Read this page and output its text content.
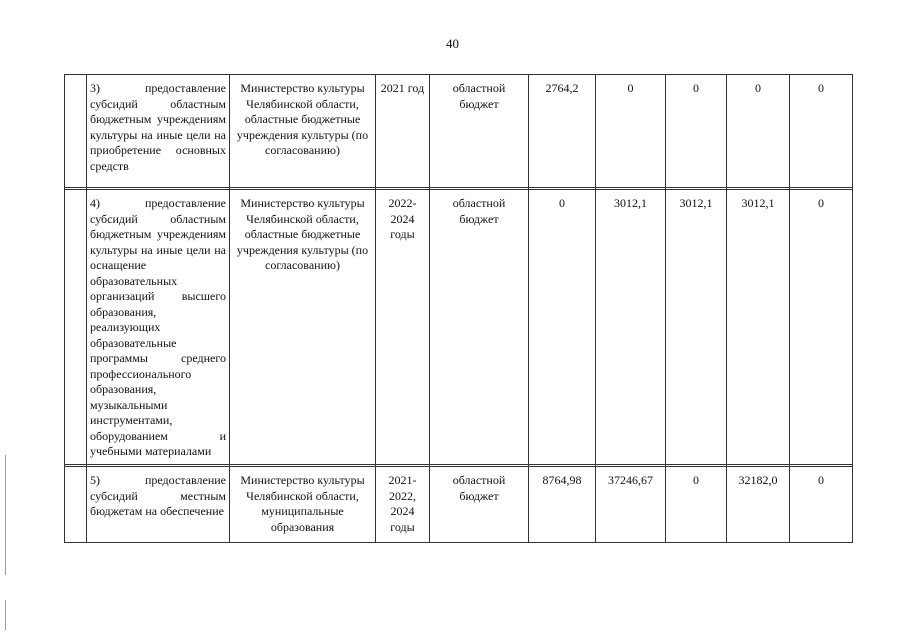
40
	3) предоставление субсидий областным бюджетным учреждениям культуры на иные цели на приобретение основных средств	Министерство культуры Челябинской области, областные бюджетные учреждения культуры (по согласованию)	2021 год	областной бюджет	2764,2	0	0	0	0

	4) предоставление субсидий областным бюджетным учреждениям культуры на иные цели на оснащение образовательных организаций высшего образования, реализующих образовательные программы среднего профессионального образования, музыкальными инструментами, оборудованием и учебными материалами	Министерство культуры Челябинской области, областные бюджетные учреждения культуры (по согласованию)	2022-2024 годы	областной бюджет	0	3012,1	3012,1	3012,1	0

	5) предоставление субсидий местным бюджетам на обеспечение	Министерство культуры Челябинской области, муниципальные образования	2021-2022, 2024 годы	областной бюджет	8764,98	37246,67	0	32182,0	0
